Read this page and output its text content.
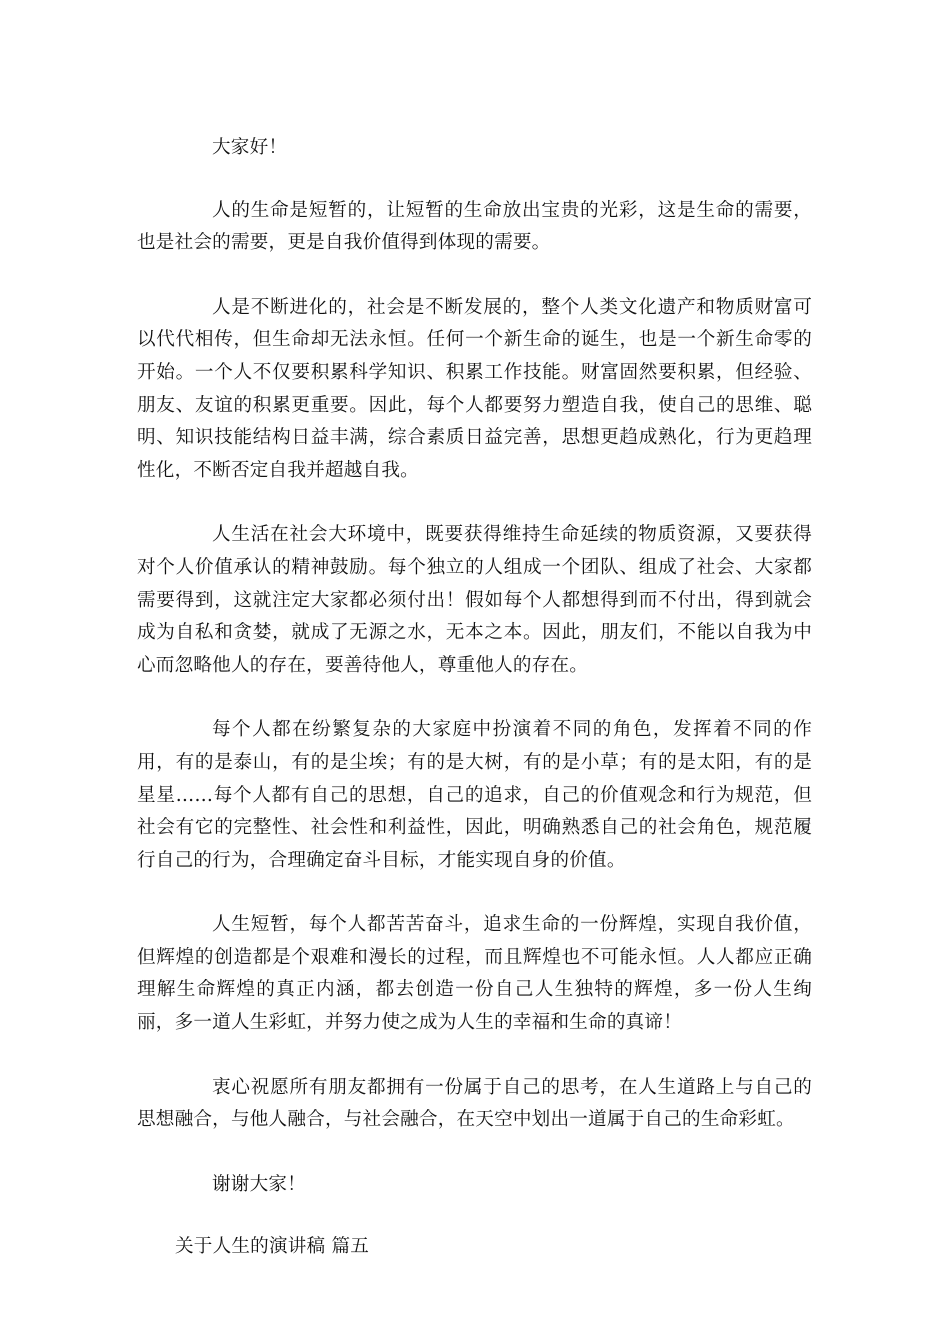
大家好！

人的生命是短暂的，让短暂的生命放出宝贵的光彩，这是生命的需要，也是社会的需要，更是自我价值得到体现的需要。

人是不断进化的，社会是不断发展的，整个人类文化遗产和物质财富可以代代相传，但生命却无法永恒。任何一个新生命的诞生，也是一个新生命零的开始。一个人不仅要积累科学知识、积累工作技能。财富固然要积累，但经验、朋友、友谊的积累更重要。因此，每个人都要努力塑造自我，使自己的思维、聪明、知识技能结构日益丰满，综合素质日益完善，思想更趋成熟化，行为更趋理性化，不断否定自我并超越自我。

人生活在社会大环境中，既要获得维持生命延续的物质资源，又要获得对个人价值承认的精神鼓励。每个独立的人组成一个团队、组成了社会、大家都需要得到，这就注定大家都必须付出！假如每个人都想得到而不付出，得到就会成为自私和贪婪，就成了无源之水，无本之本。因此，朋友们，不能以自我为中心而忽略他人的存在，要善待他人，尊重他人的存在。

每个人都在纷繁复杂的大家庭中扮演着不同的角色，发挥着不同的作用，有的是泰山，有的是尘埃；有的是大树，有的是小草；有的是太阳，有的是星星……每个人都有自己的思想，自己的追求，自己的价值观念和行为规范，但社会有它的完整性、社会性和利益性，因此，明确熟悉自己的社会角色，规范履行自己的行为，合理确定奋斗目标，才能实现自身的价值。

人生短暂，每个人都苦苦奋斗，追求生命的一份辉煌，实现自我价值，但辉煌的创造都是个艰难和漫长的过程，而且辉煌也不可能永恒。人人都应正确理解生命辉煌的真正内涵，都去创造一份自己人生独特的辉煌，多一份人生绚丽，多一道人生彩虹，并努力使之成为人生的幸福和生命的真谛！

衷心祝愿所有朋友都拥有一份属于自己的思考，在人生道路上与自己的思想融合，与他人融合，与社会融合，在天空中划出一道属于自己的生命彩虹。

谢谢大家！

关于人生的演讲稿 篇五
